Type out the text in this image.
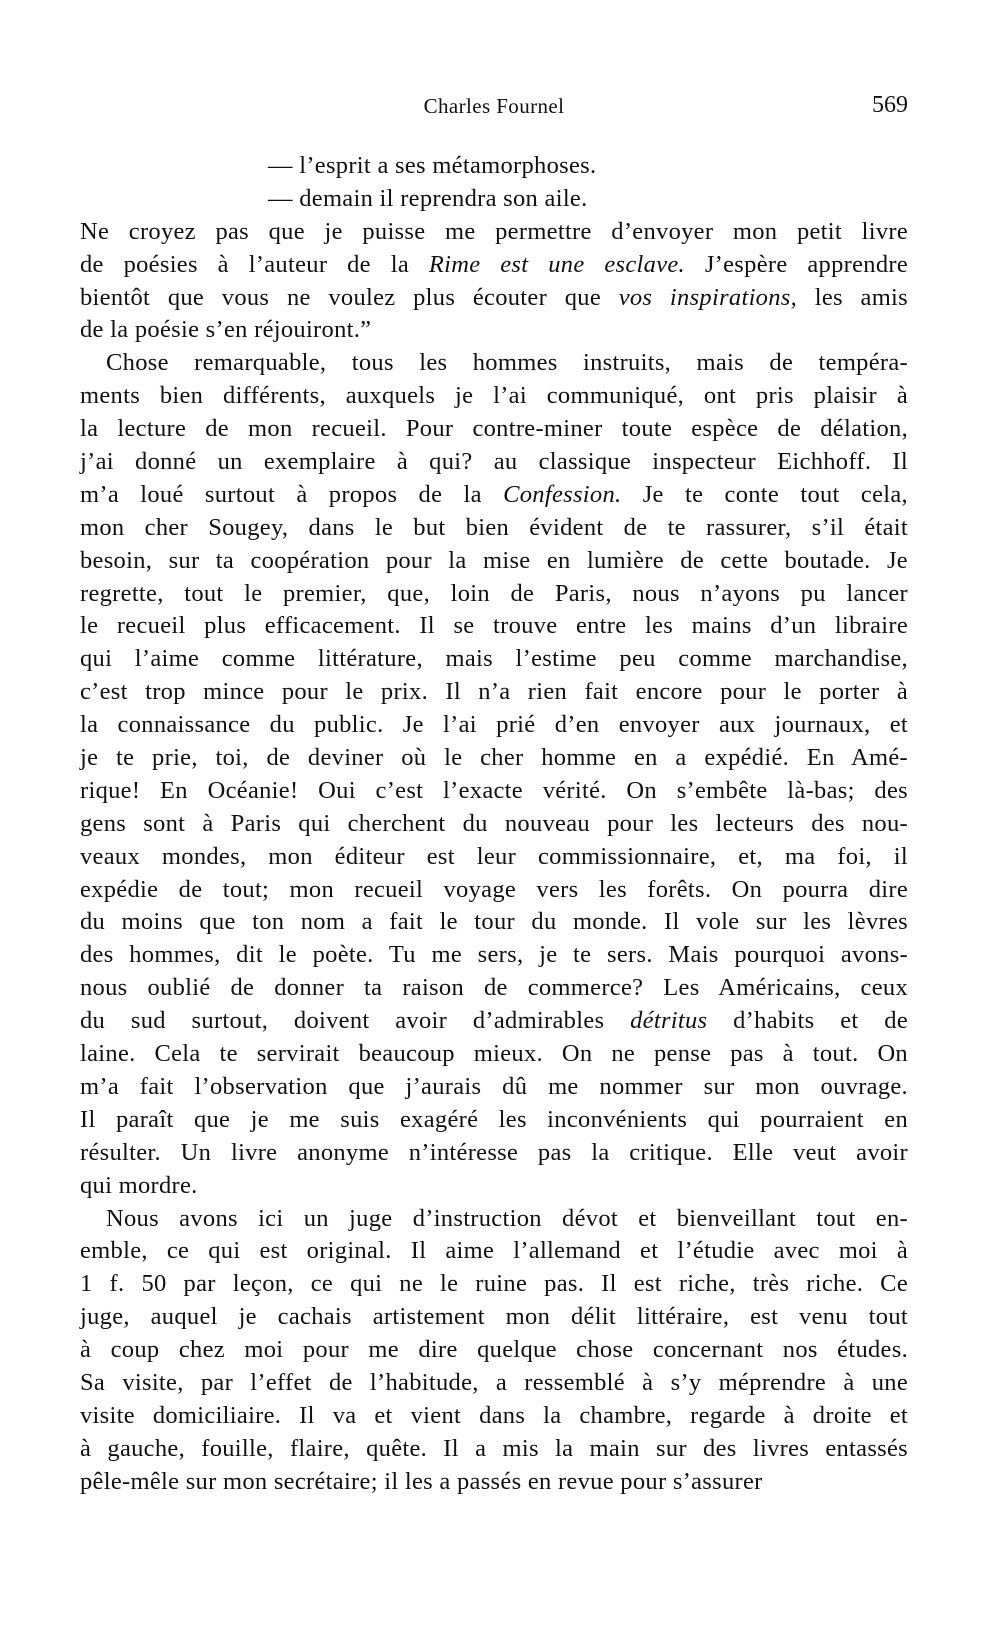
Charles Fournel	569
— l’esprit a ses métamorphoses.
— demain il reprendra son aile.
Ne croyez pas que je puisse me permettre d’envoyer mon petit livre
de poésies à l’auteur de la Rime est une esclave. J’espère apprendre
bientôt que vous ne voulez plus écouter que vos inspirations, les amis
de la poésie s’en réjouiront.”
Chose remarquable, tous les hommes instruits, mais de tempéra-
ments bien différents, auxquels je l’ai communiqué, ont pris plaisir à
la lecture de mon recueil. Pour contre-miner toute espèce de délation,
j’ai donné un exemplaire à qui? au classique inspecteur Eichhoff. Il
m’a loué surtout à propos de la Confession. Je te conte tout cela,
mon cher Sougey, dans le but bien évident de te rassurer, s’il était
besoin, sur ta coopération pour la mise en lumière de cette boutade. Je
regrette, tout le premier, que, loin de Paris, nous n’ayons pu lancer
le recueil plus efficacement. Il se trouve entre les mains d’un libraire
qui l’aime comme littérature, mais l’estime peu comme marchandise,
c’est trop mince pour le prix. Il n’a rien fait encore pour le porter à
la connaissance du public. Je l’ai prié d’en envoyer aux journaux, et
je te prie, toi, de deviner où le cher homme en a expédié. En Amé-
rique! En Océanie! Oui c’est l’exacte vérité. On s’embête là-bas; des
gens sont à Paris qui cherchent du nouveau pour les lecteurs des nou-
veaux mondes, mon éditeur est leur commissionnaire, et, ma foi, il
expédie de tout; mon recueil voyage vers les forêts. On pourra dire
du moins que ton nom a fait le tour du monde. Il vole sur les lèvres
des hommes, dit le poète. Tu me sers, je te sers. Mais pourquoi avons-
nous oublié de donner ta raison de commerce? Les Américains, ceux
du sud surtout, doivent avoir d’admirables détritus d’habits et de
laine. Cela te servirait beaucoup mieux. On ne pense pas à tout. On
m’a fait l’observation que j’aurais dû me nommer sur mon ouvrage.
Il paraît que je me suis exagéré les inconvénients qui pourraient en
résulter. Un livre anonyme n’intéresse pas la critique. Elle veut avoir
qui mordre.
Nous avons ici un juge d’instruction dévot et bienveillant tout en-
emble, ce qui est original. Il aime l’allemand et l’étudie avec moi à
1 f. 50 par leçon, ce qui ne le ruine pas. Il est riche, très riche. Ce
juge, auquel je cachais artistement mon délit littéraire, est venu tout
à coup chez moi pour me dire quelque chose concernant nos études.
Sa visite, par l’effet de l’habitude, a ressemblé à s’y méprendre à une
visite domiciliaire. Il va et vient dans la chambre, regarde à droite et
à gauche, fouille, flaire, quête. Il a mis la main sur des livres entassés
pêle-mêle sur mon secrétaire; il les a passés en revue pour s’assurer
